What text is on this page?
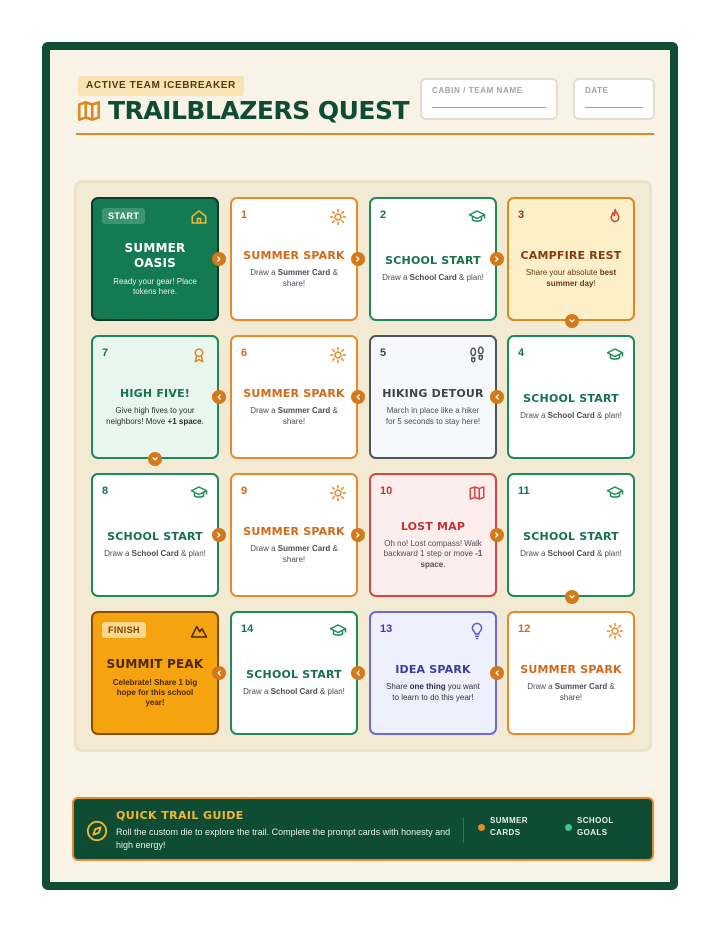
ACTIVE TEAM ICEBREAKER
TRAILBLAZERS QUEST
CABIN / TEAM NAME	DATE
START
SUMMER OASIS
Ready your gear! Place tokens here.
1
SUMMER SPARK
Draw a Summer Card & share!
2
SCHOOL START
Draw a School Card & plan!
3
CAMPFIRE REST
Share your absolute best summer day!
7
HIGH FIVE!
Give high fives to your neighbors! Move +1 space.
6
SUMMER SPARK
Draw a Summer Card & share!
5
HIKING DETOUR
March in place like a hiker for 5 seconds to stay here!
4
SCHOOL START
Draw a School Card & plan!
8
SCHOOL START
Draw a School Card & plan!
9
SUMMER SPARK
Draw a Summer Card & share!
10
LOST MAP
Oh no! Lost compass! Walk backward 1 step or move -1 space.
11
SCHOOL START
Draw a School Card & plan!
FINISH
SUMMIT PEAK
Celebrate! Share 1 big hope for this school year!
14
SCHOOL START
Draw a School Card & plan!
13
IDEA SPARK
Share one thing you want to learn to do this year!
12
SUMMER SPARK
Draw a Summer Card & share!
QUICK TRAIL GUIDE
Roll the custom die to explore the trail. Complete the prompt cards with honesty and high energy!
SUMMER CARDS
SCHOOL GOALS
